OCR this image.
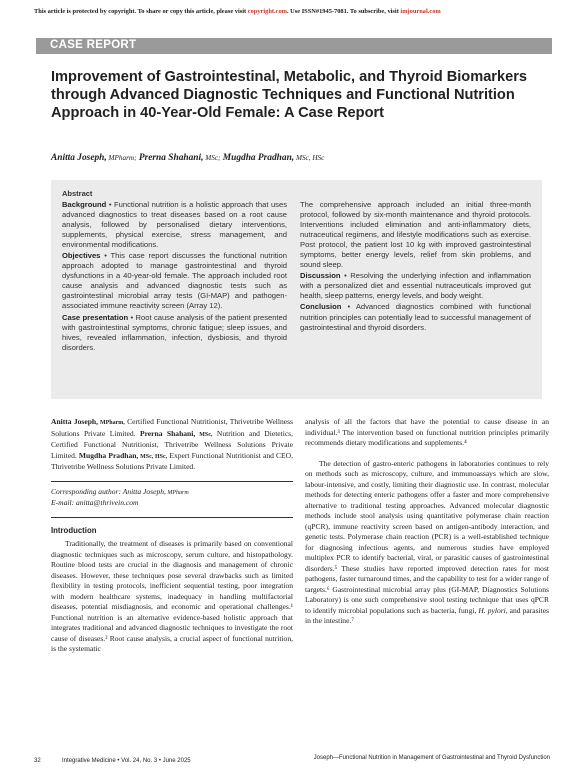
This article is protected by copyright. To share or copy this article, please visit copyright.com. Use ISSN#1945-7081. To subscribe, visit imjournal.com
CASE REPORT
Improvement of Gastrointestinal, Metabolic, and Thyroid Biomarkers through Advanced Diagnostic Techniques and Functional Nutrition Approach in 40-Year-Old Female: A Case Report
Anitta Joseph, MPharm; Prerna Shahani, MSc; Mugdha Pradhan, MSc, HSc
Abstract
Background • Functional nutrition is a holistic approach that uses advanced diagnostics to treat diseases based on a root cause analysis, followed by personalised dietary interventions, supplements, physical exercise, stress management, and environmental modifications.
Objectives • This case report discusses the functional nutrition approach adopted to manage gastrointestinal and thyroid dysfunctions in a 40-year-old female. The approach included root cause analysis and advanced diagnostic tests such as gastrointestinal microbial array tests (GI-MAP) and pathogen-associated immune reactivity screen (Array 12).
Case presentation • Root cause analysis of the patient presented with gastrointestinal symptoms, chronic fatigue; sleep issues, and hives, revealed inflammation, infection, dysbiosis, and thyroid disorders.
The comprehensive approach included an initial three-month protocol, followed by six-month maintenance and thyroid protocols. Interventions included elimination and anti-inflammatory diets, nutraceutical regimens, and lifestyle modifications such as exercise. Post protocol, the patient lost 10 kg with improved gastrointestinal symptoms, better energy levels, relief from skin problems, and sound sleep.
Discussion • Resolving the underlying infection and inflammation with a personalized diet and essential nutraceuticals improved gut health, sleep patterns, energy levels, and body weight.
Conclusion • Advanced diagnostics combined with functional nutrition principles can potentially lead to successful management of gastrointestinal and thyroid disorders.

Anitta Joseph, MPharm, Certified Functional Nutritionist, Thrivetribe Wellness Solutions Private Limited. Prerna Shahani, MSc, Nutrition and Dietetics, Certified Functional Nutritionist, Thrivetribe Wellness Solutions Private Limited. Mugdha Pradhan, MSc, HSc, Expert Functional Nutritionist and CEO, Thrivetribe Wellness Solutions Private Limited.

Corresponding author: Anitta Joseph, MPharm

E-mail: anitta@thrivein.com

Introduction

Traditionally, the treatment of diseases is primarily based on conventional diagnostic techniques such as microscopy, serum culture, and histopathology. Routine blood tests are crucial in the diagnosis and management of chronic diseases. However, these techniques pose several drawbacks such as limited flexibility in testing protocols, inefficient sequential testing, poor integration with modern healthcare systems, inadequacy in handling multifactorial diseases, potential misdiagnosis, and economic and operational challenges.¹ Functional nutrition is an alternative evidence-based holistic approach that integrates traditional and advanced diagnostic techniques to investigate the root cause of diseases.² Root cause analysis, a crucial aspect of functional nutrition, is the systematic

analysis of all the factors that have the potential to cause disease in an individual.³ The intervention based on functional nutrition principles primarily recommends dietary modifications and supplements.⁴

The detection of gastro-enteric pathogens in laboratories continues to rely on methods such as microscopy, culture, and immunoassays which are slow, labour-intensive, and costly, limiting their diagnostic use. In contrast, molecular methods for detecting enteric pathogens offer a faster and more comprehensive alternative to traditional testing approaches. Advanced molecular diagnostic methods include stool analysis using quantitative polymerase chain reaction (qPCR), immune reactivity screen based on antigen-antibody interaction, and genetic tests. Polymerase chain reaction (PCR) is a well-established technique for diagnosing infectious agents, and numerous studies have employed multiplex PCR to identify bacterial, viral, or parasitic causes of gastrointestinal disorders.⁵ These studies have reported improved detection rates for most pathogens, faster turnaround times, and the capability to test for a wider range of targets.⁶ Gastrointestinal microbial array plus (GI-MAP, Diagnostics Solutions Laboratory) is one such comprehensive stool testing technique that uses qPCR to identify microbial populations such as bacteria, fungi, H. pylori, and parasites in the intestine.⁷

32	Integrative Medicine • Vol. 24, No. 3 • June 2025	Joseph—Functional Nutrition in Management of Gastrointestinal and Thyroid Dysfunction
